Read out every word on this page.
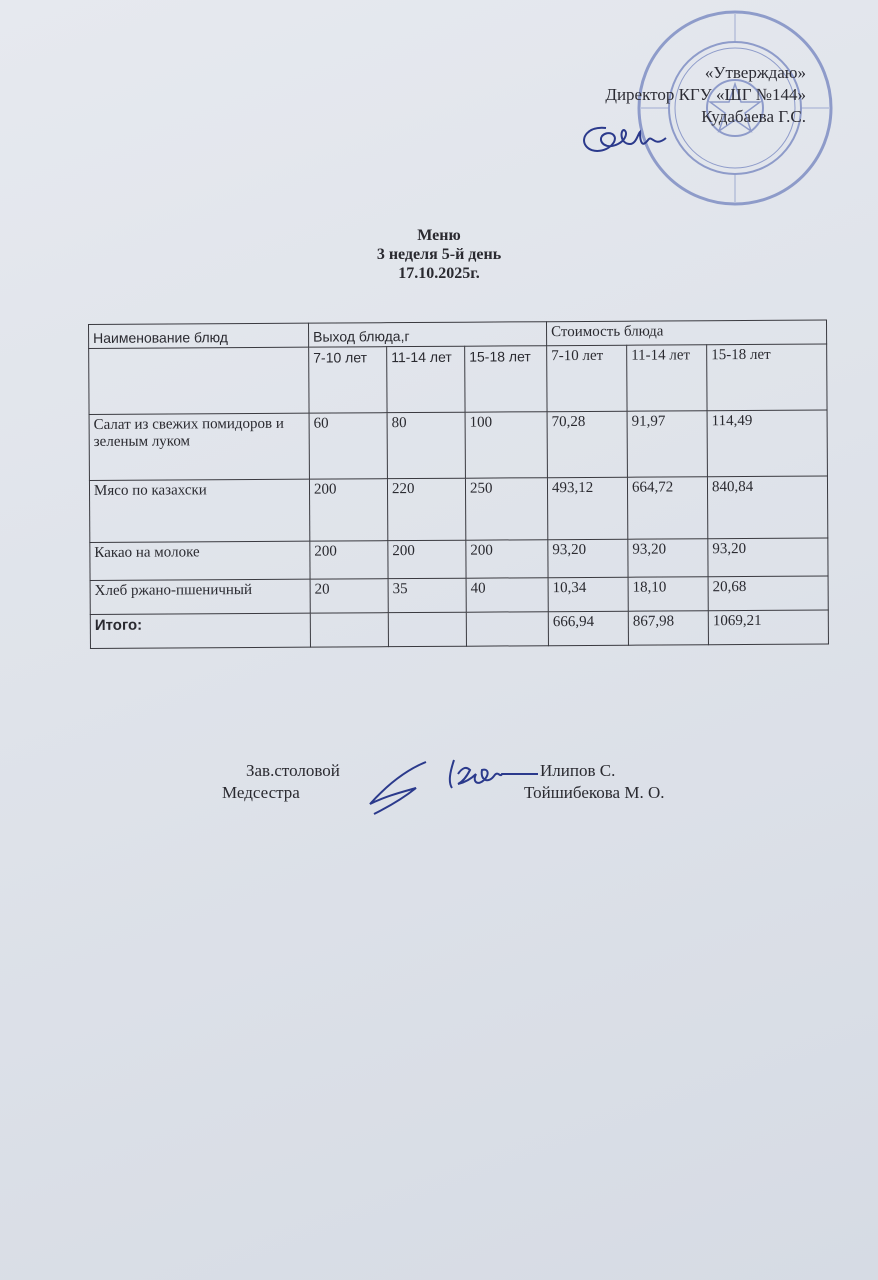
«Утверждаю»
Директор КГУ «ШГ №144»
Кудабаева Г.С.
Меню
3 неделя 5-й день
17.10.2025г.
Наименование блюд	Выход блюда,г			Стоимость блюда		
	7-10 лет	11-14 лет	15-18 лет	7-10 лет	11-14 лет	15-18 лет
Салат из свежих помидоров и зеленым луком	60	80	100	70,28	91,97	114,49
Мясо по казахски	200	220	250	493,12	664,72	840,84
Какао на молоке	200	200	200	93,20	93,20	93,20
Хлеб ржано-пшеничный	20	35	40	10,34	18,10	20,68
Итого:				666,94	867,98	1069,21
Зав.столовой
Медсестра
Илипов С.
Тойшибекова М. О.
